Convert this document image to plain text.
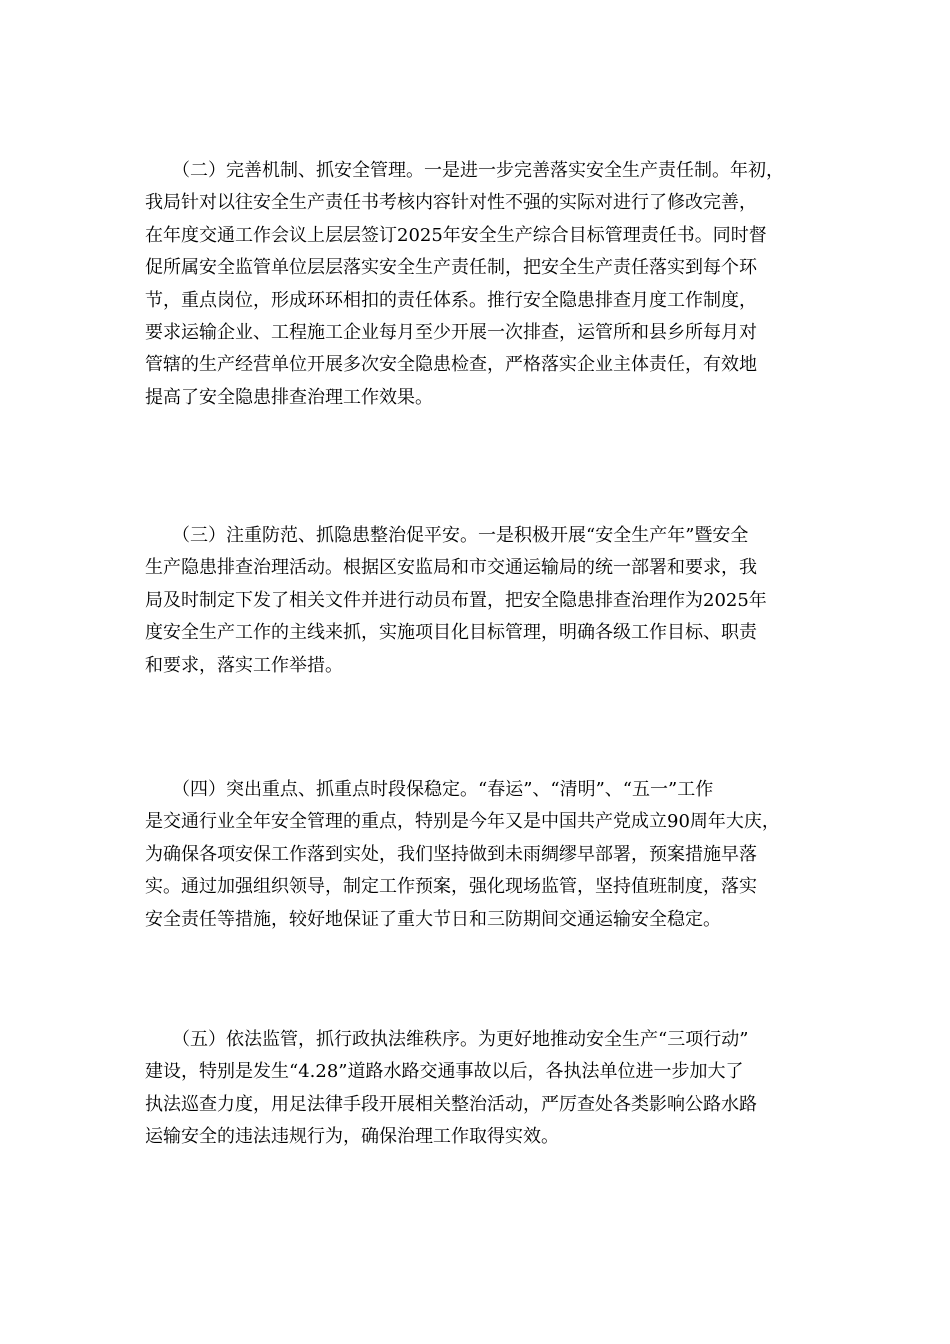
　　（二）完善机制、抓安全管理。一是进一步完善落实安全生产责任制。年初，
我局针对以往安全生产责任书考核内容针对性不强的实际对进行了修改完善，
在年度交通工作会议上层层签订2025年安全生产综合目标管理责任书。同时督
促所属安全监管单位层层落实安全生产责任制，把安全生产责任落实到每个环
节，重点岗位，形成环环相扣的责任体系。推行安全隐患排查月度工作制度，
要求运输企业、工程施工企业每月至少开展一次排查，运管所和县乡所每月对
管辖的生产经营单位开展多次安全隐患检查，严格落实企业主体责任，有效地
提高了安全隐患排查治理工作效果。
　　（三）注重防范、抓隐患整治促平安。一是积极开展“安全生产年”暨安全
生产隐患排查治理活动。根据区安监局和市交通运输局的统一部署和要求，我
局及时制定下发了相关文件并进行动员布置，把安全隐患排查治理作为2025年
度安全生产工作的主线来抓，实施项目化目标管理，明确各级工作目标、职责
和要求，落实工作举措。
　　（四）突出重点、抓重点时段保稳定。“春运”、“清明”、“五一”工作
是交通行业全年安全管理的重点，特别是今年又是中国共产党成立90周年大庆，
为确保各项安保工作落到实处，我们坚持做到未雨绸缪早部署，预案措施早落
实。通过加强组织领导，制定工作预案，强化现场监管，坚持值班制度，落实
安全责任等措施，较好地保证了重大节日和三防期间交通运输安全稳定。
　　（五）依法监管，抓行政执法维秩序。为更好地推动安全生产“三项行动”
建设，特别是发生“4.28”道路水路交通事故以后，各执法单位进一步加大了
执法巡查力度，用足法律手段开展相关整治活动，严厉查处各类影响公路水路
运输安全的违法违规行为，确保治理工作取得实效。
